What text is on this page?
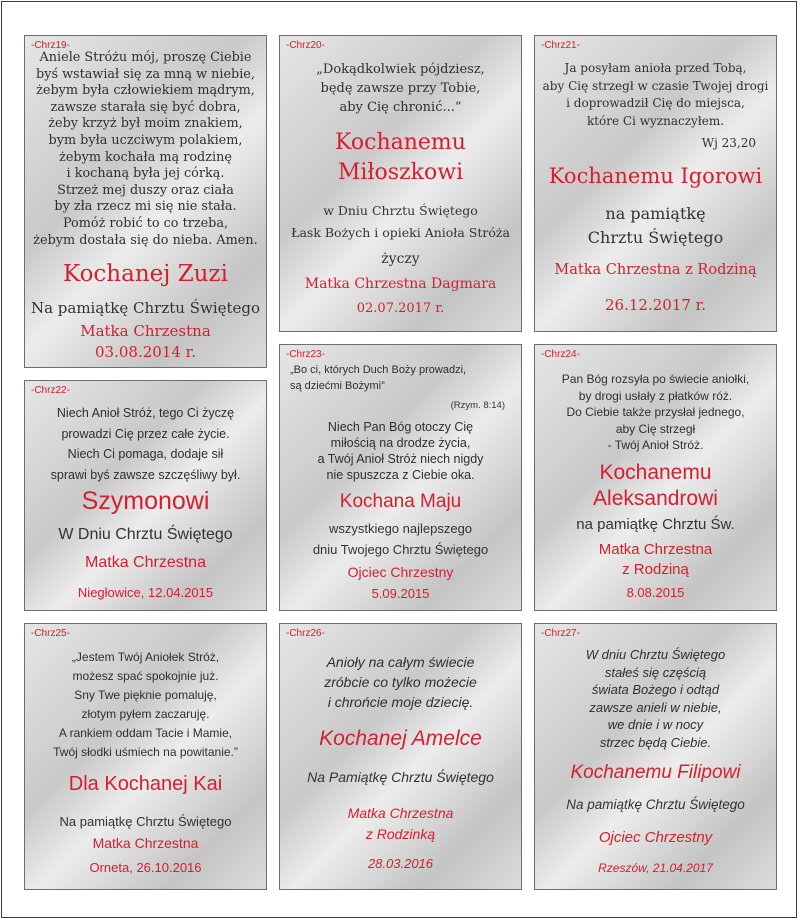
-Chrz19-
Aniele Stróżu mój, proszę Ciebie
byś wstawiał się za mną w niebie,
żebym była człowiekiem mądrym,
zawsze starała się być dobra,
żeby krzyż był moim znakiem,
bym była uczciwym polakiem,
żebym kochała mą rodzinę
i kochaną była jej córką.
Strzeż mej duszy oraz ciała
by zła rzecz mi się nie stała.
Pomóż robić to co trzeba,
żebym dostała się do nieba. Amen.
Kochanej Zuzi
Na pamiątkę Chrztu Świętego
Matka Chrzestna
03.08.2014 r.
-Chrz20-
„Dokądkolwiek pójdziesz,
będę zawsze przy Tobie,
aby Cię chronić...”
Kochanemu
Miłoszkowi
w Dniu Chrztu Świętego
Łask Bożych i opieki Anioła Stróża
życzy
Matka Chrzestna Dagmara
02.07.2017 r.
-Chrz21-
Ja posyłam anioła przed Tobą,
aby Cię strzegł w czasie Twojej drogi
i doprowadził Cię do miejsca,
które Ci wyznaczyłem.
Wj 23,20
Kochanemu Igorowi
na pamiątkę
Chrztu Świętego
Matka Chrzestna z Rodziną
26.12.2017 r.
-Chrz22-
Niech Anioł Stróż, tego Ci życzę
prowadzi Cię przez całe życie.
Niech Ci pomaga, dodaje sił
sprawi byś zawsze szczęśliwy był.
Szymonowi
W Dniu Chrztu Świętego
Matka Chrzestna
Niegłowice, 12.04.2015
-Chrz23-
„Bo ci, których Duch Boży prowadzi,
są dziećmi Bożymi”
(Rzym. 8:14)
Niech Pan Bóg otoczy Cię
miłością na drodze życia,
a Twój Anioł Stróż niech nigdy
nie spuszcza z Ciebie oka.
Kochana Maju
wszystkiego najlepszego
dniu Twojego Chrztu Świętego
Ojciec Chrzestny
5.09.2015
-Chrz24-
Pan Bóg rozsyła po świecie aniołki,
by drogi usłały z płatków róż.
Do Ciebie także przysłał jednego,
aby Cię strzegł
- Twój Anioł Stróż.
Kochanemu
Aleksandrowi
na pamiątkę Chrztu Św.
Matka Chrzestna
z Rodziną
8.08.2015
-Chrz25-
„Jestem Twój Aniołek Stróż,
możesz spać spokojnie już.
Sny Twe pięknie pomaluję,
złotym pyłem zaczaruję.
A rankiem oddam Tacie i Mamie,
Twój słodki uśmiech na powitanie.”
Dla Kochanej Kai
Na pamiątkę Chrztu Świętego
Matka Chrzestna
Orneta, 26.10.2016
-Chrz26-
Anioły na całym świecie
zróbcie co tylko możecie
i chrońcie moje dziecię.
Kochanej Amelce
Na Pamiątkę Chrztu Świętego
Matka Chrzestna
z Rodzinką
28.03.2016
-Chrz27-
W dniu Chrztu Świętego
stałeś się częścią
świata Bożego i odtąd
zawsze anieli w niebie,
we dnie i w nocy
strzec będą Ciebie.
Kochanemu Filipowi
Na pamiątkę Chrztu Świętego
Ojciec Chrzestny
Rzeszów, 21.04.2017
